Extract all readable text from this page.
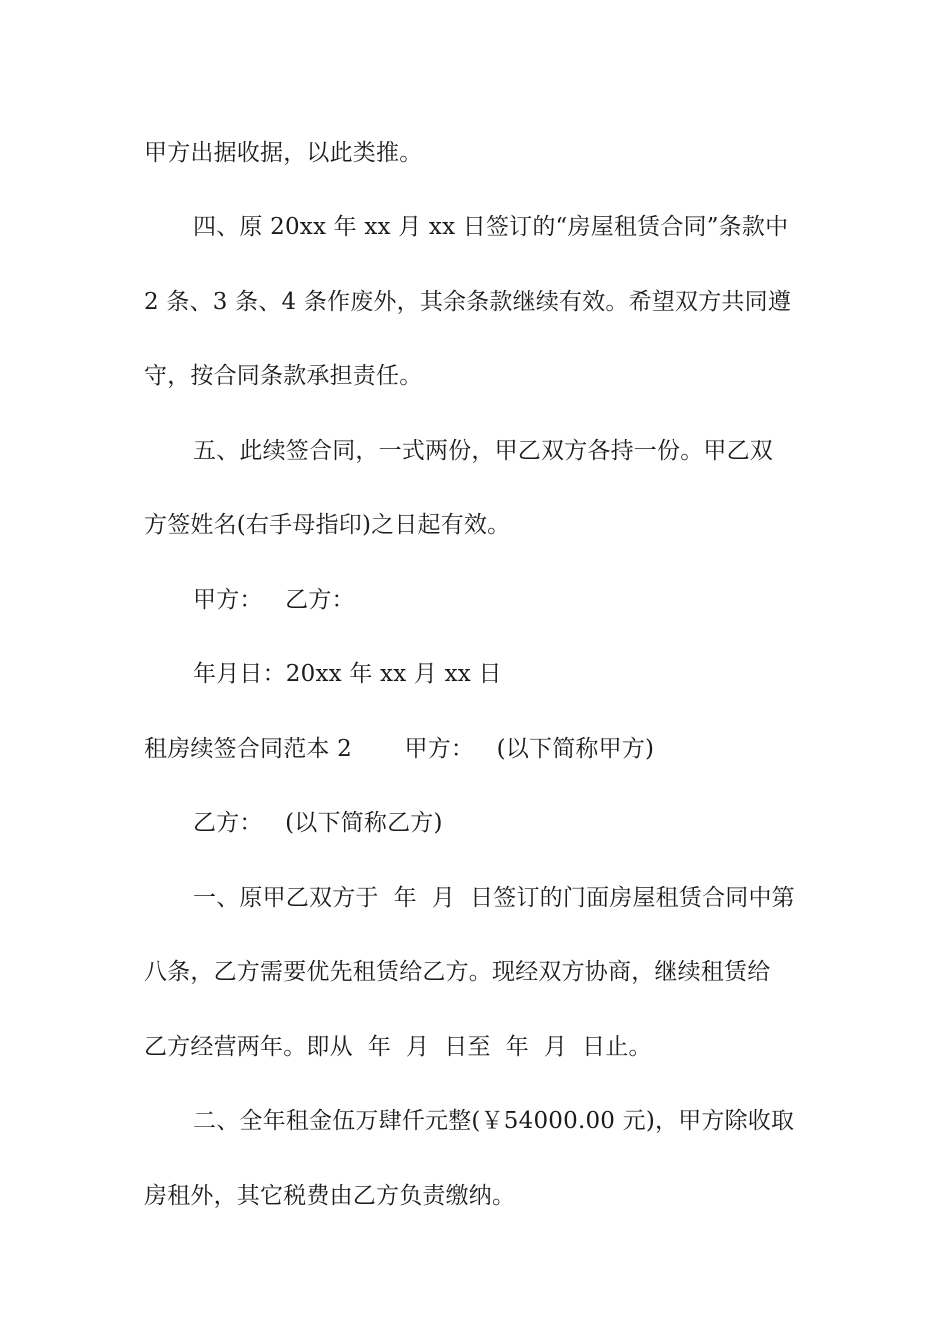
甲方出据收据，以此类推。
四、原 20xx 年 xx 月 xx 日签订的“房屋租赁合同”条款中
2 条、3 条、4 条作废外，其余条款继续有效。希望双方共同遵
守，按合同条款承担责任。
五、此续签合同，一式两份，甲乙双方各持一份。甲乙双
方签姓名(右手母指印)之日起有效。
甲方：   乙方：
年月日：20xx 年 xx 月 xx 日
租房续签合同范本 2       甲方：   (以下简称甲方)
乙方：   (以下简称乙方)
一、原甲乙双方于  年  月  日签订的门面房屋租赁合同中第
八条，乙方需要优先租赁给乙方。现经双方协商，继续租赁给
乙方经营两年。即从  年  月  日至  年  月  日止。
二、全年租金伍万肆仟元整(￥54000.00 元)，甲方除收取
房租外，其它税费由乙方负责缴纳。
